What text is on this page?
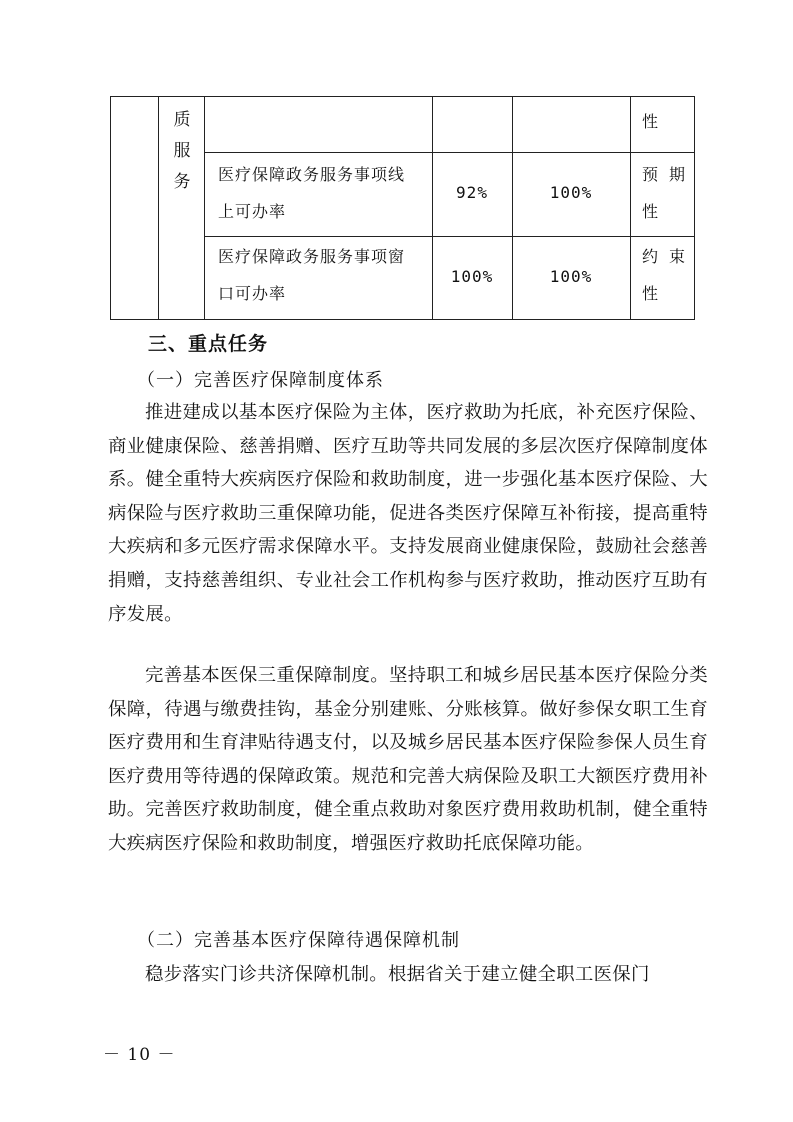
质
服
务
性
医疗保障政务服务事项线
上可办率
92%	100%
预 期
性
医疗保障政务服务事项窗
口可办率
100%	100%
约 束
性
三、重点任务
（一）完善医疗保障制度体系
推进建成以基本医疗保险为主体，医疗救助为托底，补充医疗保险、商业健康保险、慈善捐赠、医疗互助等共同发展的多层次医疗保障制度体系。健全重特大疾病医疗保险和救助制度，进一步强化基本医疗保险、大病保险与医疗救助三重保障功能，促进各类医疗保障互补衔接，提高重特大疾病和多元医疗需求保障水平。支持发展商业健康保险，鼓励社会慈善捐赠，支持慈善组织、专业社会工作机构参与医疗救助，推动医疗互助有序发展。
完善基本医保三重保障制度。坚持职工和城乡居民基本医疗保险分类保障，待遇与缴费挂钩，基金分别建账、分账核算。做好参保女职工生育医疗费用和生育津贴待遇支付，以及城乡居民基本医疗保险参保人员生育医疗费用等待遇的保障政策。规范和完善大病保险及职工大额医疗费用补助。完善医疗救助制度，健全重点救助对象医疗费用救助机制，健全重特大疾病医疗保险和救助制度，增强医疗救助托底保障功能。
（二）完善基本医疗保障待遇保障机制
稳步落实门诊共济保障机制。根据省关于建立健全职工医保门
－ 10 －
